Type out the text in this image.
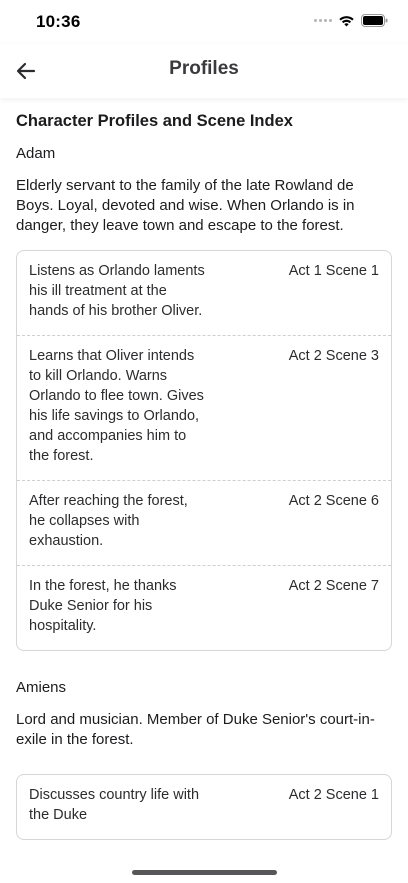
10:36
Profiles
Character Profiles and Scene Index
Adam
Elderly servant to the family of the late Rowland de Boys. Loyal, devoted and wise. When Orlando is in danger, they leave town and escape to the forest.
Listens as Orlando laments his ill treatment at the hands of his brother Oliver.
Act 1 Scene 1
Learns that Oliver intends to kill Orlando. Warns Orlando to flee town. Gives his life savings to Orlando, and accompanies him to the forest.
Act 2 Scene 3
After reaching the forest, he collapses with exhaustion.
Act 2 Scene 6
In the forest, he thanks Duke Senior for his hospitality.
Act 2 Scene 7
Amiens
Lord and musician. Member of Duke Senior's court-in-exile in the forest.
Discusses country life with the Duke
Act 2 Scene 1
